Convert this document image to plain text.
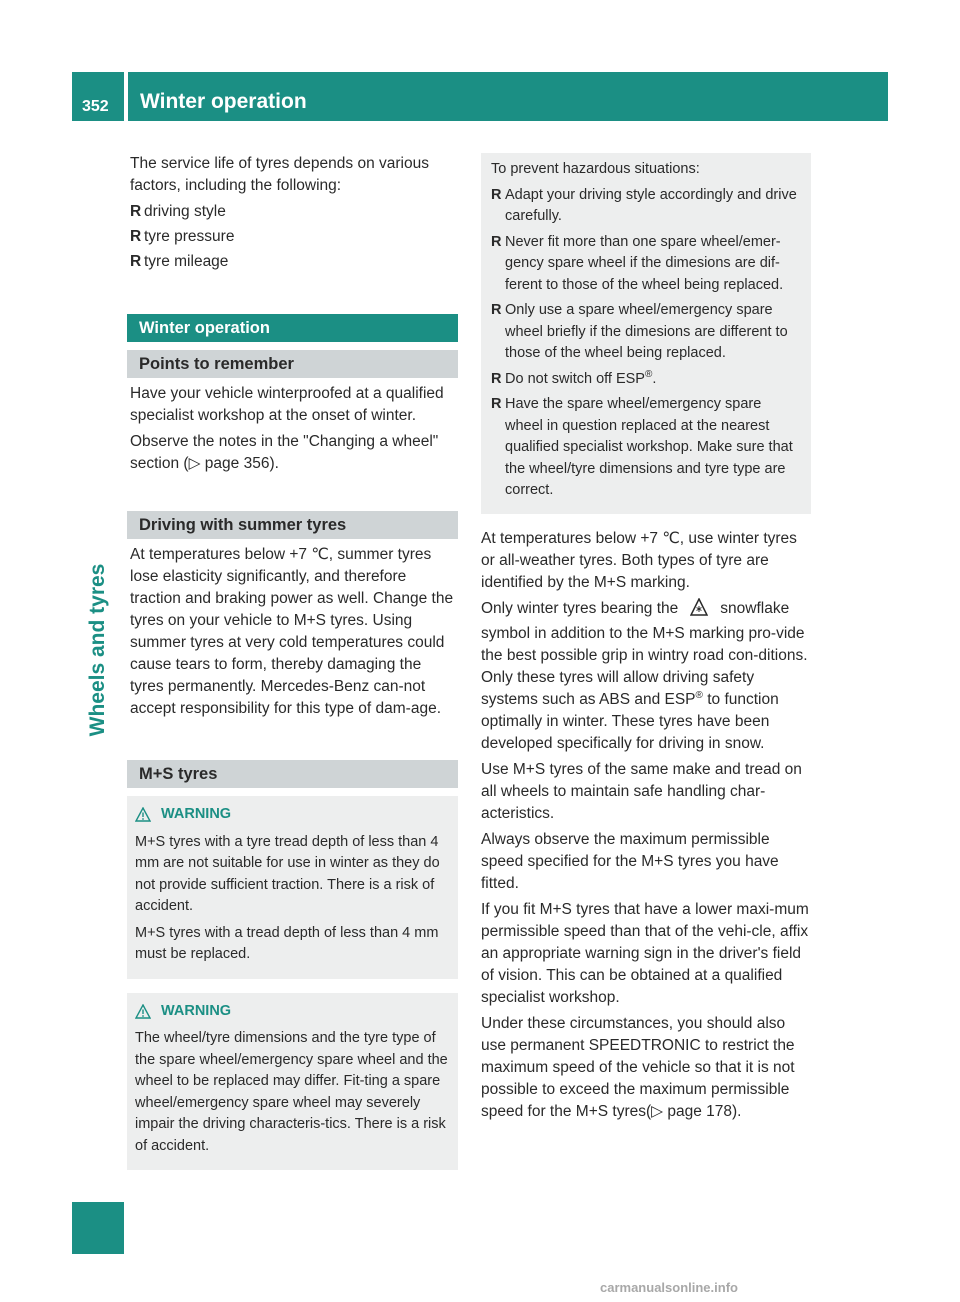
352 Winter operation
Wheels and tyres

The service life of tyres depends on various factors, including the following:

R driving style
R tyre pressure
R tyre mileage
Winter operation
Points to remember

Have your vehicle winterproofed at a qualified specialist workshop at the onset of winter.

Observe the notes in the "Changing a wheel" section (▷ page 356).

Driving with summer tyres

At temperatures below +7 ℃, summer tyres lose elasticity significantly, and therefore traction and braking power as well. Change the tyres on your vehicle to M+S tyres. Using summer tyres at very cold temperatures could cause tears to form, thereby damaging the tyres permanently. Mercedes-Benz can-not accept responsibility for this type of dam-age.

M+S tyres
WARNING

M+S tyres with a tyre tread depth of less than 4 mm are not suitable for use in winter as they do not provide sufficient traction. There is a risk of accident.

M+S tyres with a tread depth of less than 4 mm must be replaced.

WARNING

The wheel/tyre dimensions and the tyre type of the spare wheel/emergency spare wheel and the wheel to be replaced may differ. Fit-ting a spare wheel/emergency spare wheel may severely impair the driving characteris-tics. There is a risk of accident.

To prevent hazardous situations:

R Adapt your driving style accordingly and drive carefully.
R Never fit more than one spare wheel/emer-gency spare wheel if the dimesions are dif-ferent to those of the wheel being replaced.
R Only use a spare wheel/emergency spare wheel briefly if the dimesions are different to those of the wheel being replaced.
R Do not switch off ESP®.
R Have the spare wheel/emergency spare wheel in question replaced at the nearest qualified specialist workshop. Make sure that the wheel/tyre dimensions and tyre type are correct.

At temperatures below +7 ℃, use winter tyres or all-weather tyres. Both types of tyre are identified by the M+S marking.

Only winter tyres bearing the	snowflake symbol in addition to the M+S marking pro-vide the best possible grip in wintry road con-ditions. Only these tyres will allow driving safety systems such as ABS and ESP® to function optimally in winter. These tyres have been developed specifically for driving in snow.

Use M+S tyres of the same make and tread on all wheels to maintain safe handling char-acteristics.

Always observe the maximum permissible speed specified for the M+S tyres you have fitted.

If you fit M+S tyres that have a lower maxi-mum permissible speed than that of the vehi-cle, affix an appropriate warning sign in the driver's field of vision. This can be obtained at a qualified specialist workshop.

Under these circumstances, you should also use permanent SPEEDTRONIC to restrict the maximum speed of the vehicle so that it is not possible to exceed the maximum permissible speed for the M+S tyres(▷ page 178).

carmanualsonline.info
